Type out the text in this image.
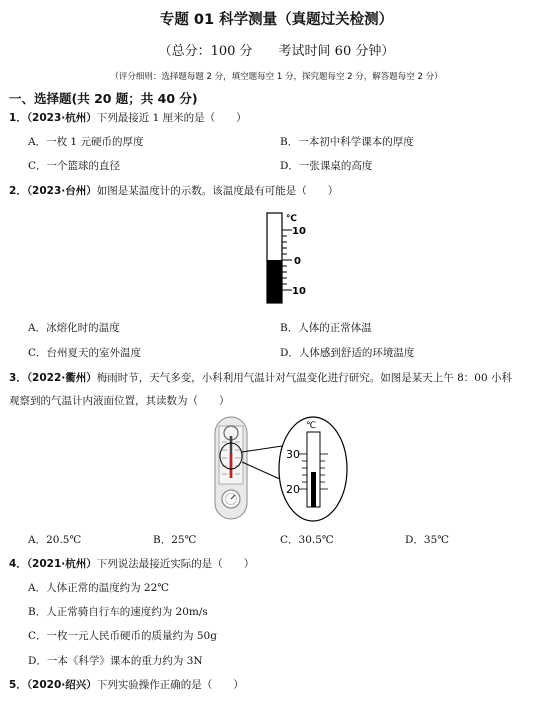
专题 01 科学测量（真题过关检测）
（总分：100 分　　考试时间 60 分钟）
（评分细则：选择题每题 2 分，填空题每空 1 分，探究题每空 2 分，解答题每空 2 分）
一、选择题(共 20 题；共 40 分)
1．（2023·杭州）下列最接近 1 厘米的是（　　）
A．一枚 1 元硬币的厚度	B．一本初中科学课本的厚度
C．一个篮球的直径	D．一张课桌的高度
2．（2023·台州）如图是某温度计的示数。该温度最有可能是（　　）
℃
10
0
10
A．冰熔化时的温度	B．人体的正常体温
C．台州夏天的室外温度	D．人体感到舒适的环境温度
3．（2022·衢州）梅雨时节，天气多变，小科利用气温计对气温变化进行研究。如图是某天上午 8：00 小科
观察到的气温计内液面位置，其读数为（　　）
℃
30
20
A．20.5℃	B．25℃	C．30.5℃	D．35℃
4．（2021·杭州）下列说法最接近实际的是（　　）
A．人体正常的温度约为 22℃
B．人正常骑自行车的速度约为 20m/s
C．一枚一元人民币硬币的质量约为 50g
D．一本《科学》课本的重力约为 3N
5．（2020·绍兴）下列实验操作正确的是（　　）
